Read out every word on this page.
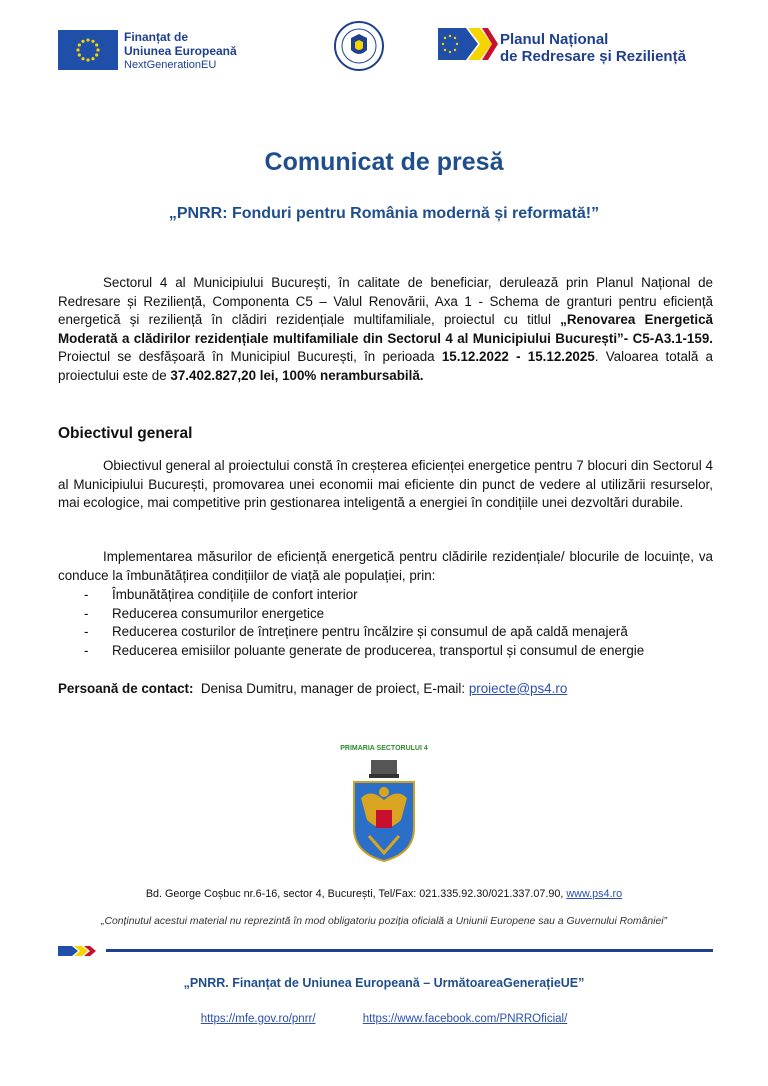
Finanțat de
Uniunea Europeană
NextGenerationEU
Planul Național
de Redresare și Reziliență
Comunicat de presă
„PNRR: Fonduri pentru România modernă și reformată!”

Sectorul 4 al Municipiului București, în calitate de beneficiar, derulează prin Planul Național de Redresare și Reziliență, Componenta C5 – Valul Renovării, Axa 1 - Schema de granturi pentru eficiență energetică și reziliență în clădiri rezidențiale multifamiliale, proiectul cu titlul „Renovarea Energetică Moderată a clădirilor rezidențiale multifamiliale din Sectorul 4 al Municipiului București”- C5-A3.1-159. Proiectul se desfășoară în Municipiul București, în perioada 15.12.2022 - 15.12.2025. Valoarea totală a proiectului este de 37.402.827,20 lei, 100% nerambursabilă.

Obiectivul general

Obiectivul general al proiectului constă în creșterea eficienței energetice pentru 7 blocuri din Sectorul 4 al Municipiului București, promovarea unei economii mai eficiente din punct de vedere al utilizării resurselor, mai ecologice, mai competitive prin gestionarea inteligentă a energiei în condițiile unei dezvoltări durabile.

Implementarea măsurilor de eficiență energetică pentru clădirile rezidențiale/ blocurile de locuințe, va conduce la îmbunătățirea condițiilor de viață ale populației, prin:

- Îmbunătățirea condițiile de confort interior
- Reducerea consumurilor energetice
- Reducerea costurilor de întreținere pentru încălzire și consumul de apă caldă menajeră
- Reducerea emisiilor poluante generate de producerea, transportul și consumul de energie
Persoană de contact: Denisa Dumitru, manager de proiect, E-mail: proiecte@ps4.ro
PRIMARIA SECTORULUI 4
Bd. George Coșbuc nr.6-16, sector 4, București, Tel/Fax: 021.335.92.30/021.337.07.90, www.ps4.ro
„Conținutul acestui material nu reprezintă în mod obligatoriu poziția oficială a Uniunii Europene sau a Guvernului României”
„PNRR. Finanțat de Uniunea Europeană – UrmătoareaGenerațieUE”
https://mfe.gov.ro/pnrr/	https://www.facebook.com/PNRROficial/
